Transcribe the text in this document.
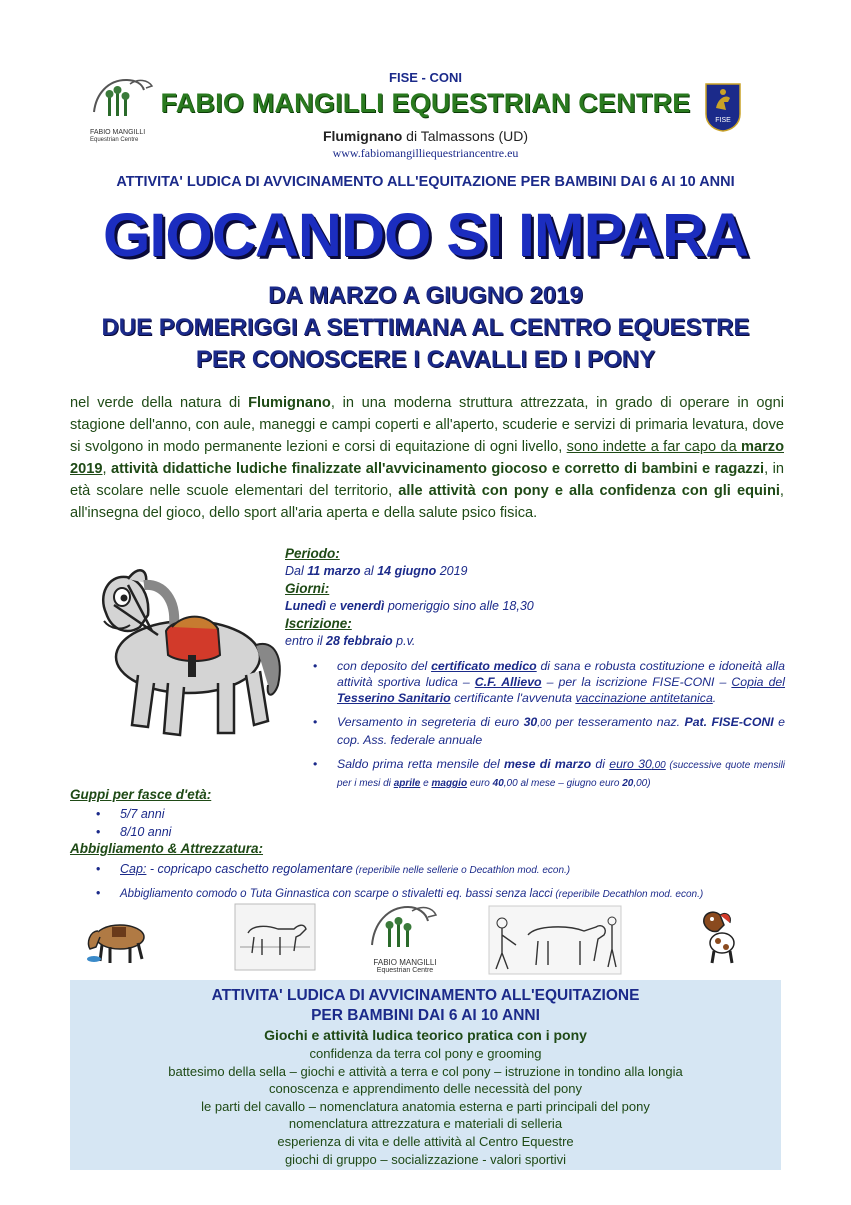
FABIO MANGILLI
Equestrian Centre
FISE
FISE - CONI
FABIO MANGILLI EQUESTRIAN CENTRE
Flumignano di Talmassons (UD)
www.fabiomangilliequestriancentre.eu
ATTIVITA' LUDICA DI AVVICINAMENTO ALL'EQUITAZIONE PER BAMBINI DAI 6 AI 10 ANNI
GIOCANDO SI IMPARA
DA MARZO A GIUGNO 2019
DUE POMERIGGI A SETTIMANA AL CENTRO EQUESTRE
PER CONOSCERE I CAVALLI ED I PONY
nel verde della natura di Flumignano, in una moderna struttura attrezzata, in grado di operare in ogni stagione dell'anno, con aule, maneggi e campi coperti e all'aperto, scuderie e servizi di primaria levatura, dove si svolgono in modo permanente lezioni e corsi di equitazione di ogni livello, sono indette a far capo da marzo 2019, attività didattiche ludiche finalizzate all'avvicinamento giocoso e corretto di bambini e ragazzi, in età scolare nelle scuole elementari del territorio, alle attività con pony e alla confidenza con gli equini, all'insegna del gioco, dello sport all'aria aperta e della salute psico fisica.
Periodo:
Dal 11 marzo al 14 giugno 2019
Giorni:
Lunedì e venerdì pomeriggio sino alle 18,30
Iscrizione:
entro il 28 febbraio p.v.
• con deposito del certificato medico di sana e robusta costituzione e idoneità alla attività sportiva ludica – C.F. Allievo – per la iscrizione FISE-CONI – Copia del Tesserino Sanitario certificante l'avvenuta vaccinazione antitetanica.
• Versamento in segreteria di euro 30,00 per tesseramento naz. Pat. FISE-CONI e cop. Ass. federale annuale
• Saldo prima retta mensile del mese di marzo di euro 30,00 (successive quote mensili per i mesi di aprile e maggio euro 40,00 al mese – giugno euro 20,00)
Guppi per fasce d'età:
• 5/7 anni
• 8/10 anni
Abbigliamento & Attrezzatura:
• Cap: - copricapo caschetto regolamentare (reperibile nelle sellerie o Decathlon mod. econ.)
• Abbigliamento comodo o Tuta Ginnastica con scarpe o stivaletti eq. bassi senza lacci (reperibile Decathlon mod. econ.)
FABIO MANGILLI
Equestrian Centre
ATTIVITA' LUDICA DI AVVICINAMENTO ALL'EQUITAZIONE
PER BAMBINI DAI 6 AI 10 ANNI
Giochi e attività ludica teorico pratica con i pony
confidenza da terra col pony e grooming
battesimo della sella – giochi e attività a terra e col pony – istruzione in tondino alla longia
conoscenza e apprendimento delle necessità del pony
le parti del cavallo – nomenclatura anatomia esterna e parti principali del pony
nomenclatura attrezzatura e materiali di selleria
esperienza di vita e delle attività al Centro Equestre
giochi di gruppo – socializzazione - valori sportivi
